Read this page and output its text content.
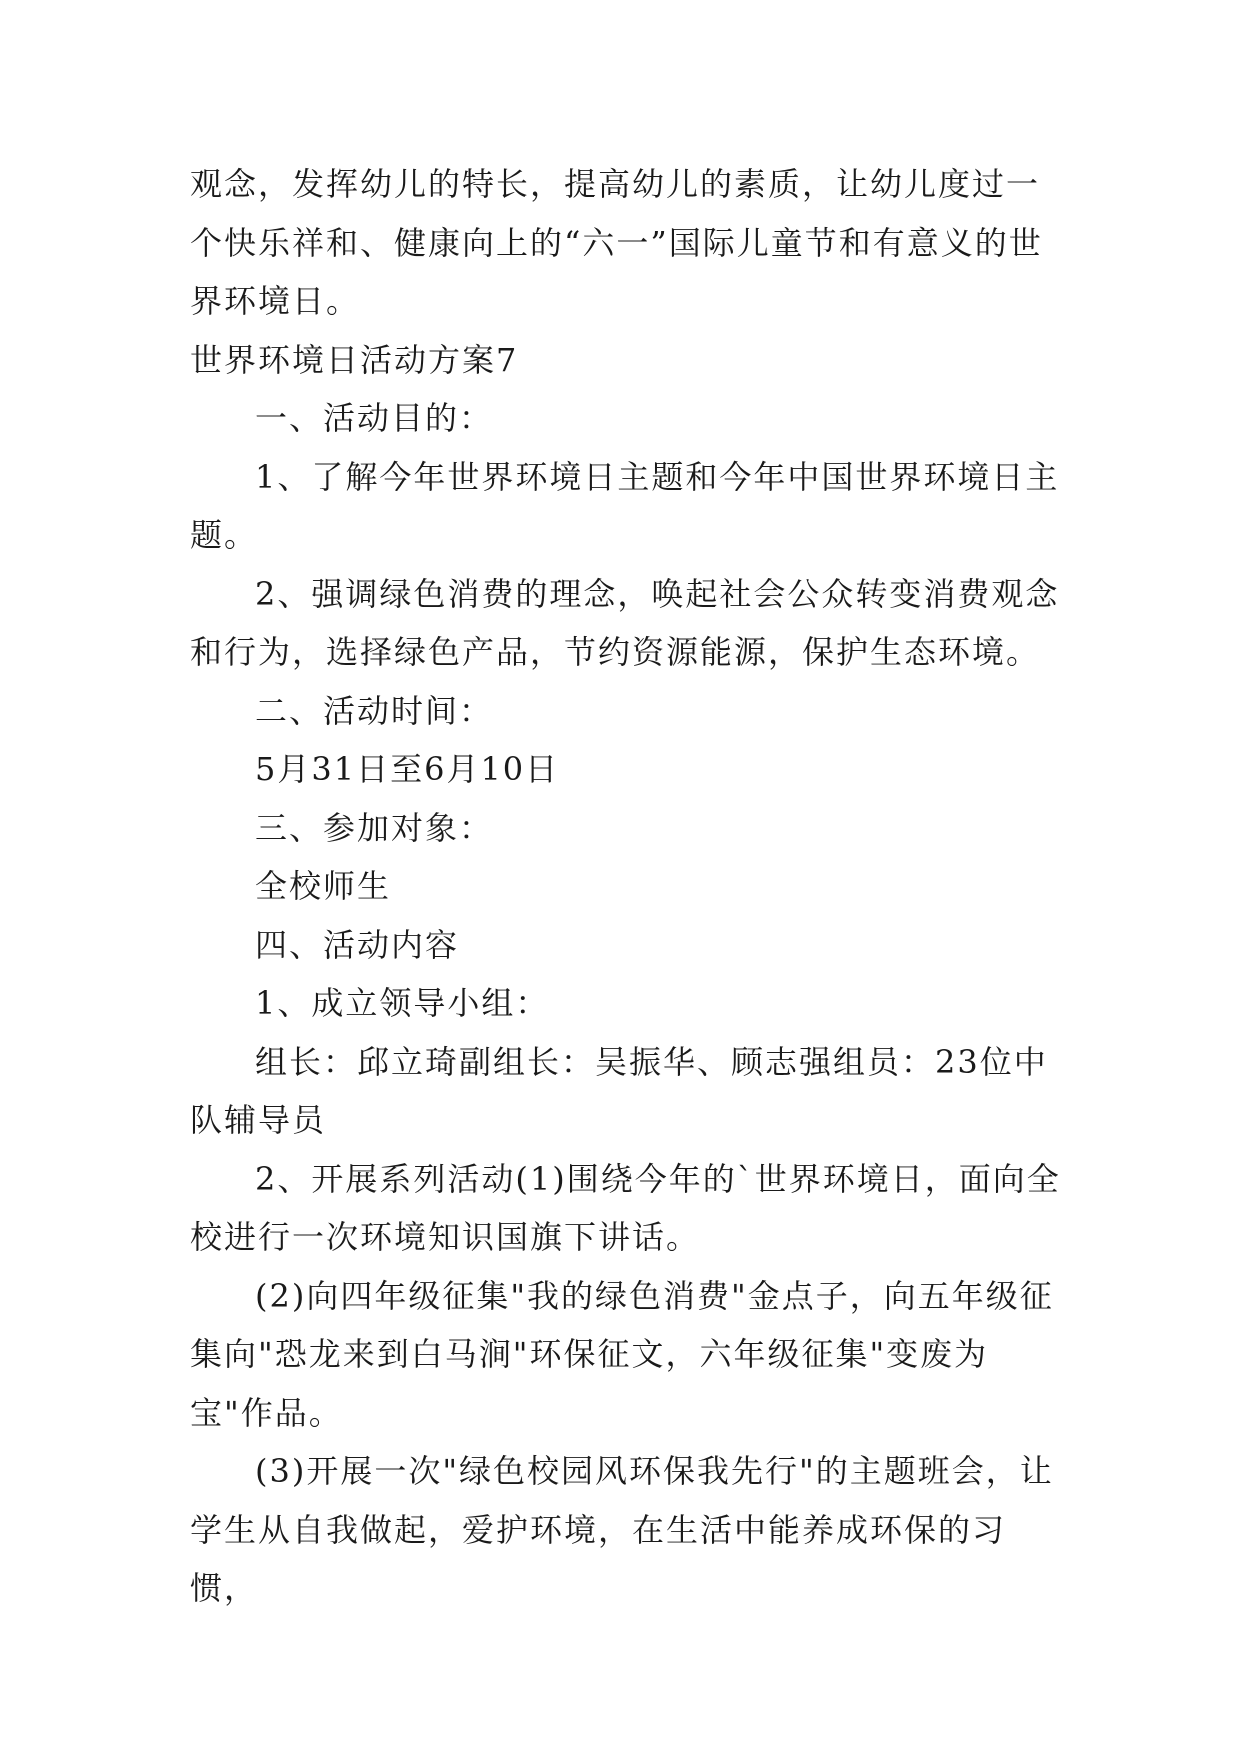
观念，发挥幼儿的特长，提高幼儿的素质，让幼儿度过一个快乐祥和、健康向上的“六一”国际儿童节和有意义的世界环境日。

世界环境日活动方案7

一、活动目的：

1、了解今年世界环境日主题和今年中国世界环境日主题。

2、强调绿色消费的理念，唤起社会公众转变消费观念和行为，选择绿色产品，节约资源能源，保护生态环境。

二、活动时间：

5月31日至6月10日

三、参加对象：

全校师生

四、活动内容

1、成立领导小组：

组长：邱立琦副组长：吴振华、顾志强组员：23位中队辅导员

2、开展系列活动(1)围绕今年的`世界环境日，面向全校进行一次环境知识国旗下讲话。

(2)向四年级征集"我的绿色消费"金点子，向五年级征集向"恐龙来到白马涧"环保征文，六年级征集"变废为宝"作品。

(3)开展一次"绿色校园风环保我先行"的主题班会，让学生从自我做起，爱护环境，在生活中能养成环保的习惯，
